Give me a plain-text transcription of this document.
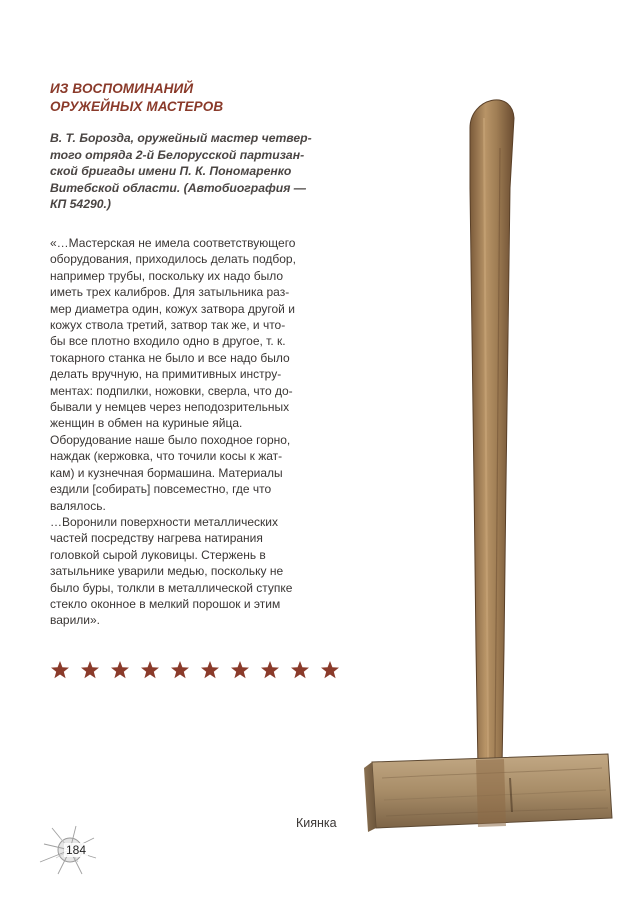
ИЗ ВОСПОМИНАНИЙ
ОРУЖЕЙНЫХ МАСТЕРОВ
В. Т. Борозда, оружейный мастер четвер-
того отряда 2-й Белорусской партизан-
ской бригады имени П. К. Пономаренко
Витебской области. (Автобиография —
КП 54290.)
«…Мастерская не имела соответствующего
оборудования, приходилось делать подбор,
например трубы, поскольку их надо было
иметь трех калибров. Для затыльника раз-
мер диаметра один, кожух затвора другой и
кожух ствола третий, затвор так же, и что-
бы все плотно входило одно в другое, т. к.
токарного станка не было и все надо было
делать вручную, на примитивных инстру-
ментах: подпилки, ножовки, сверла, что до-
бывали у немцев через неподозрительных
женщин в обмен на куриные яйца.
Оборудование наше было походное горно,
наждак (кержовка, что точили косы к жат-
кам) и кузнечная бормашина. Материалы
ездили [собирать] повсеместно, где что
валялось.
…Воронили поверхности металлических
частей посредству нагрева натирания
головкой сырой луковицы. Стержень в
затыльнике уварили медью, поскольку не
было буры, толкли в металлической ступке
стекло оконное в мелкий порошок и этим
варили».
Киянка
184
